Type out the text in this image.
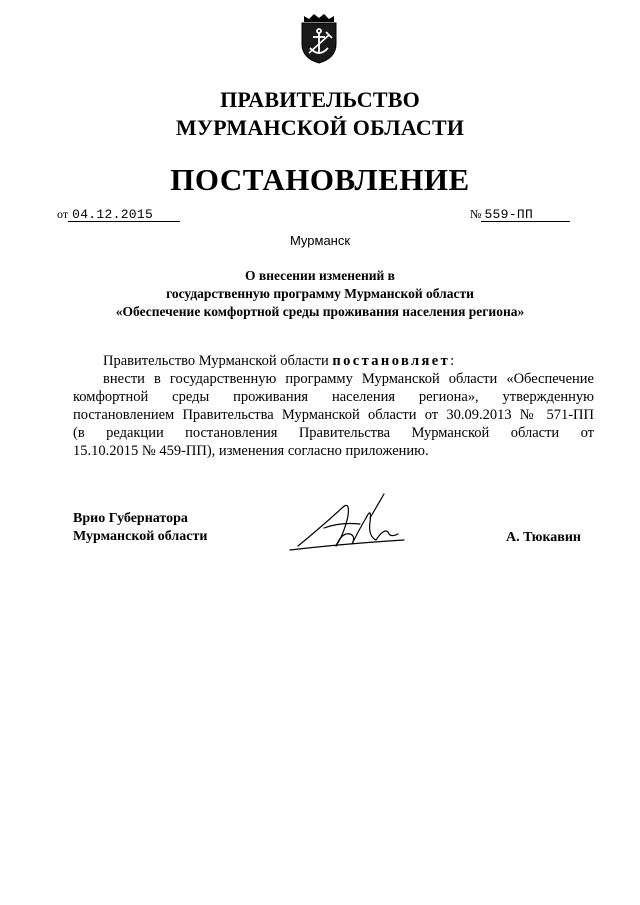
ПРАВИТЕЛЬСТВО
МУРМАНСКОЙ ОБЛАСТИ
ПОСТАНОВЛЕНИЕ
от 04.12.2015	№ 559-ПП
Мурманск
О внесении изменений в
государственную программу Мурманской области
«Обеспечение комфортной среды проживания населения региона»
Правительство Мурманской области постановляет:
внести в государственную программу Мурманской области «Обеспечение
комфортной среды проживания населения региона», утвержденную
постановлением Правительства Мурманской области от 30.09.2013 № 571-ПП
(в редакции постановления Правительства Мурманской области от
15.10.2015 № 459-ПП), изменения согласно приложению.
Врио Губернатора
Мурманской области	А. Тюкавин
